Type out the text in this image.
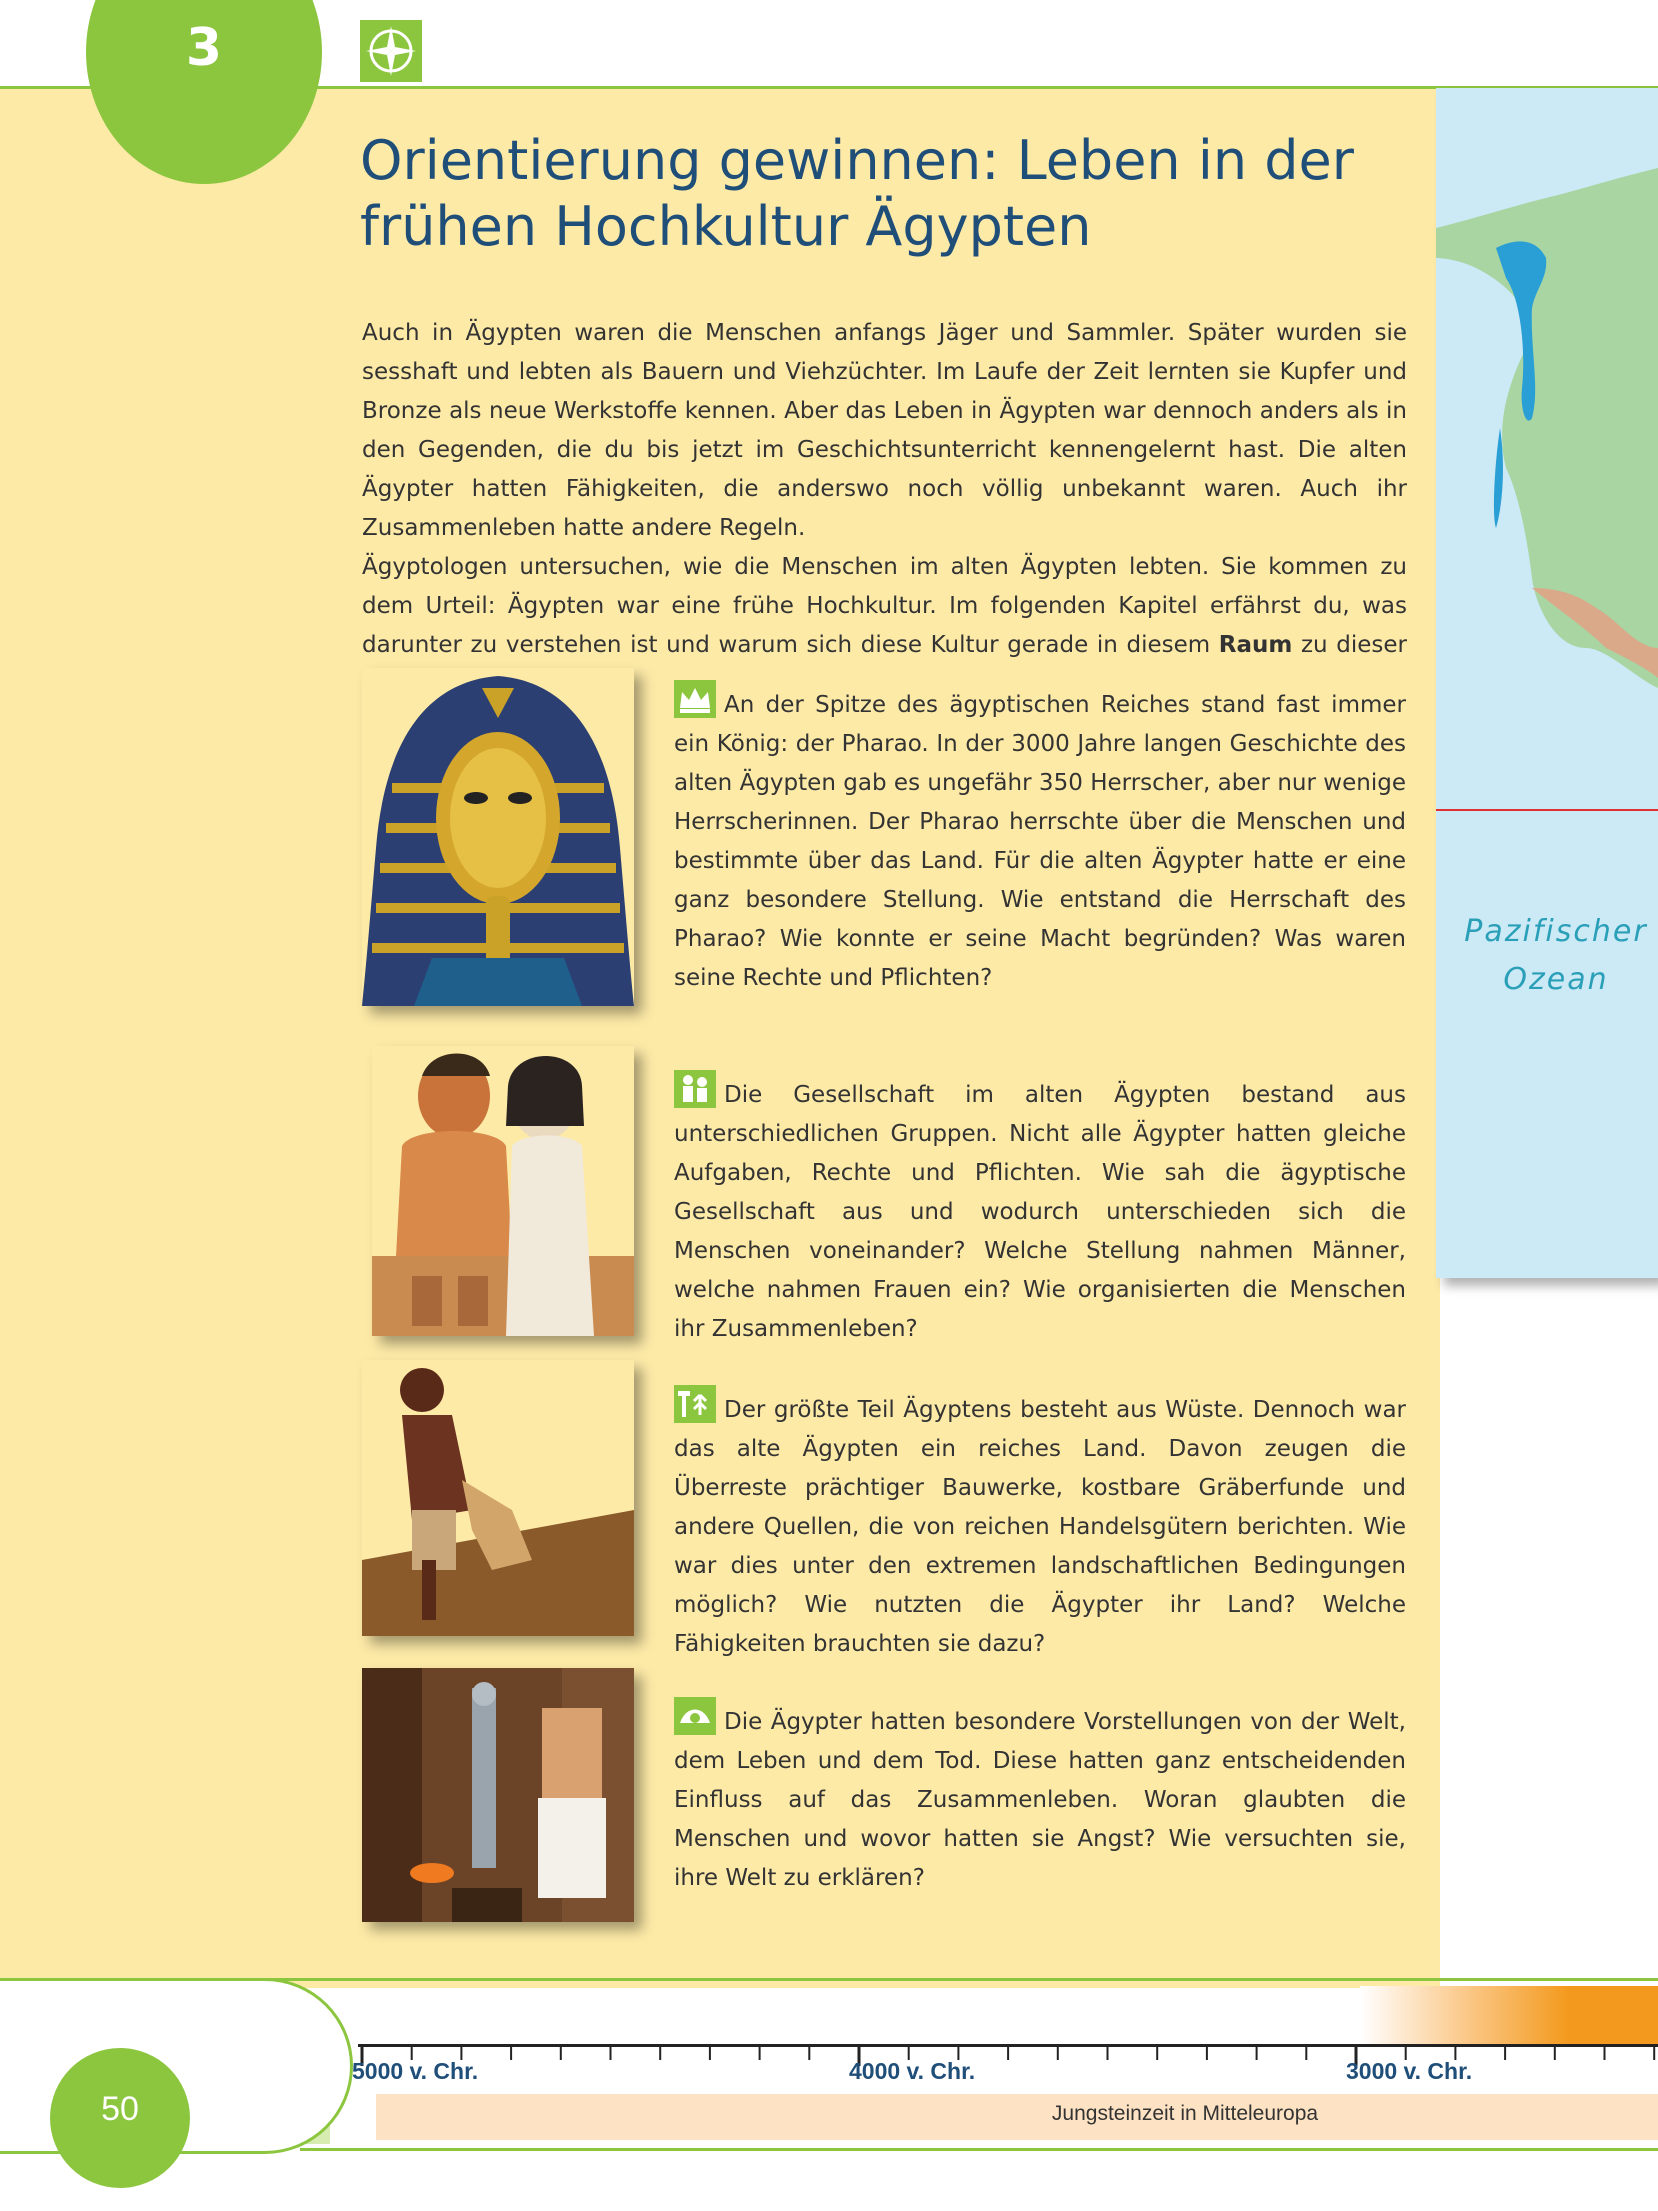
3
Orientierung gewinnen: Leben in der
frühen Hochkultur Ägypten

Auch in Ägypten waren die Menschen anfangs Jäger und Sammler. Später wurden sie sesshaft und lebten als Bauern und Viehzüchter. Im Laufe der Zeit lernten sie Kupfer und Bronze als neue Werkstoffe kennen. Aber das Leben in Ägypten war dennoch anders als in den Gegenden, die du bis jetzt im Geschichtsunterricht kennengelernt hast. Die alten Ägypter hatten Fähigkeiten, die anderswo noch völlig unbekannt waren. Auch ihr Zusammenleben hatte andere Regeln.

Ägyptologen untersuchen, wie die Menschen im alten Ägypten lebten. Sie kommen zu dem Urteil: Ägypten war eine frühe Hochkultur. Im folgenden Kapitel erfährst du, was darunter zu verstehen ist und warum sich diese Kultur gerade in diesem Raum zu dieser

An der Spitze des ägyptischen Reiches stand fast immer ein König: der Pharao. In der 3000 Jahre langen Geschichte des alten Ägypten gab es ungefähr 350 Herrscher, aber nur wenige Herrscherinnen. Der Pharao herrschte über die Menschen und bestimmte über das Land. Für die alten Ägypter hatte er eine ganz besondere Stellung. Wie entstand die Herrschaft des Pharao? Wie konnte er seine Macht begründen? Was waren seine Rechte und Pflichten?
Die Gesellschaft im alten Ägypten bestand aus unterschiedlichen Gruppen. Nicht alle Ägypter hatten gleiche Aufgaben, Rechte und Pflichten. Wie sah die ägyptische Gesellschaft aus und wodurch unterschieden sich die Menschen voneinander? Welche Stellung nahmen Männer, welche nahmen Frauen ein? Wie organisierten die Menschen ihr Zusammenleben?
Der größte Teil Ägyptens besteht aus Wüste. Dennoch war das alte Ägypten ein reiches Land. Davon zeugen die Überreste prächtiger Bauwerke, kostbare Gräberfunde und andere Quellen, die von reichen Handelsgütern berichten. Wie war dies unter den extremen landschaftlichen Bedingungen möglich? Wie nutzten die Ägypter ihr Land? Welche Fähigkeiten brauchten sie dazu?
Die Ägypter hatten besondere Vorstellungen von der Welt, dem Leben und dem Tod. Diese hatten ganz entscheidenden Einfluss auf das Zusammenleben. Woran glaubten die Menschen und wovor hatten sie Angst? Wie versuchten sie, ihre Welt zu erklären?
Pazifischer
Ozean
5000 v. Chr.	4000 v. Chr.	3000 v. Chr.
Jungsteinzeit in Mitteleuropa
50
